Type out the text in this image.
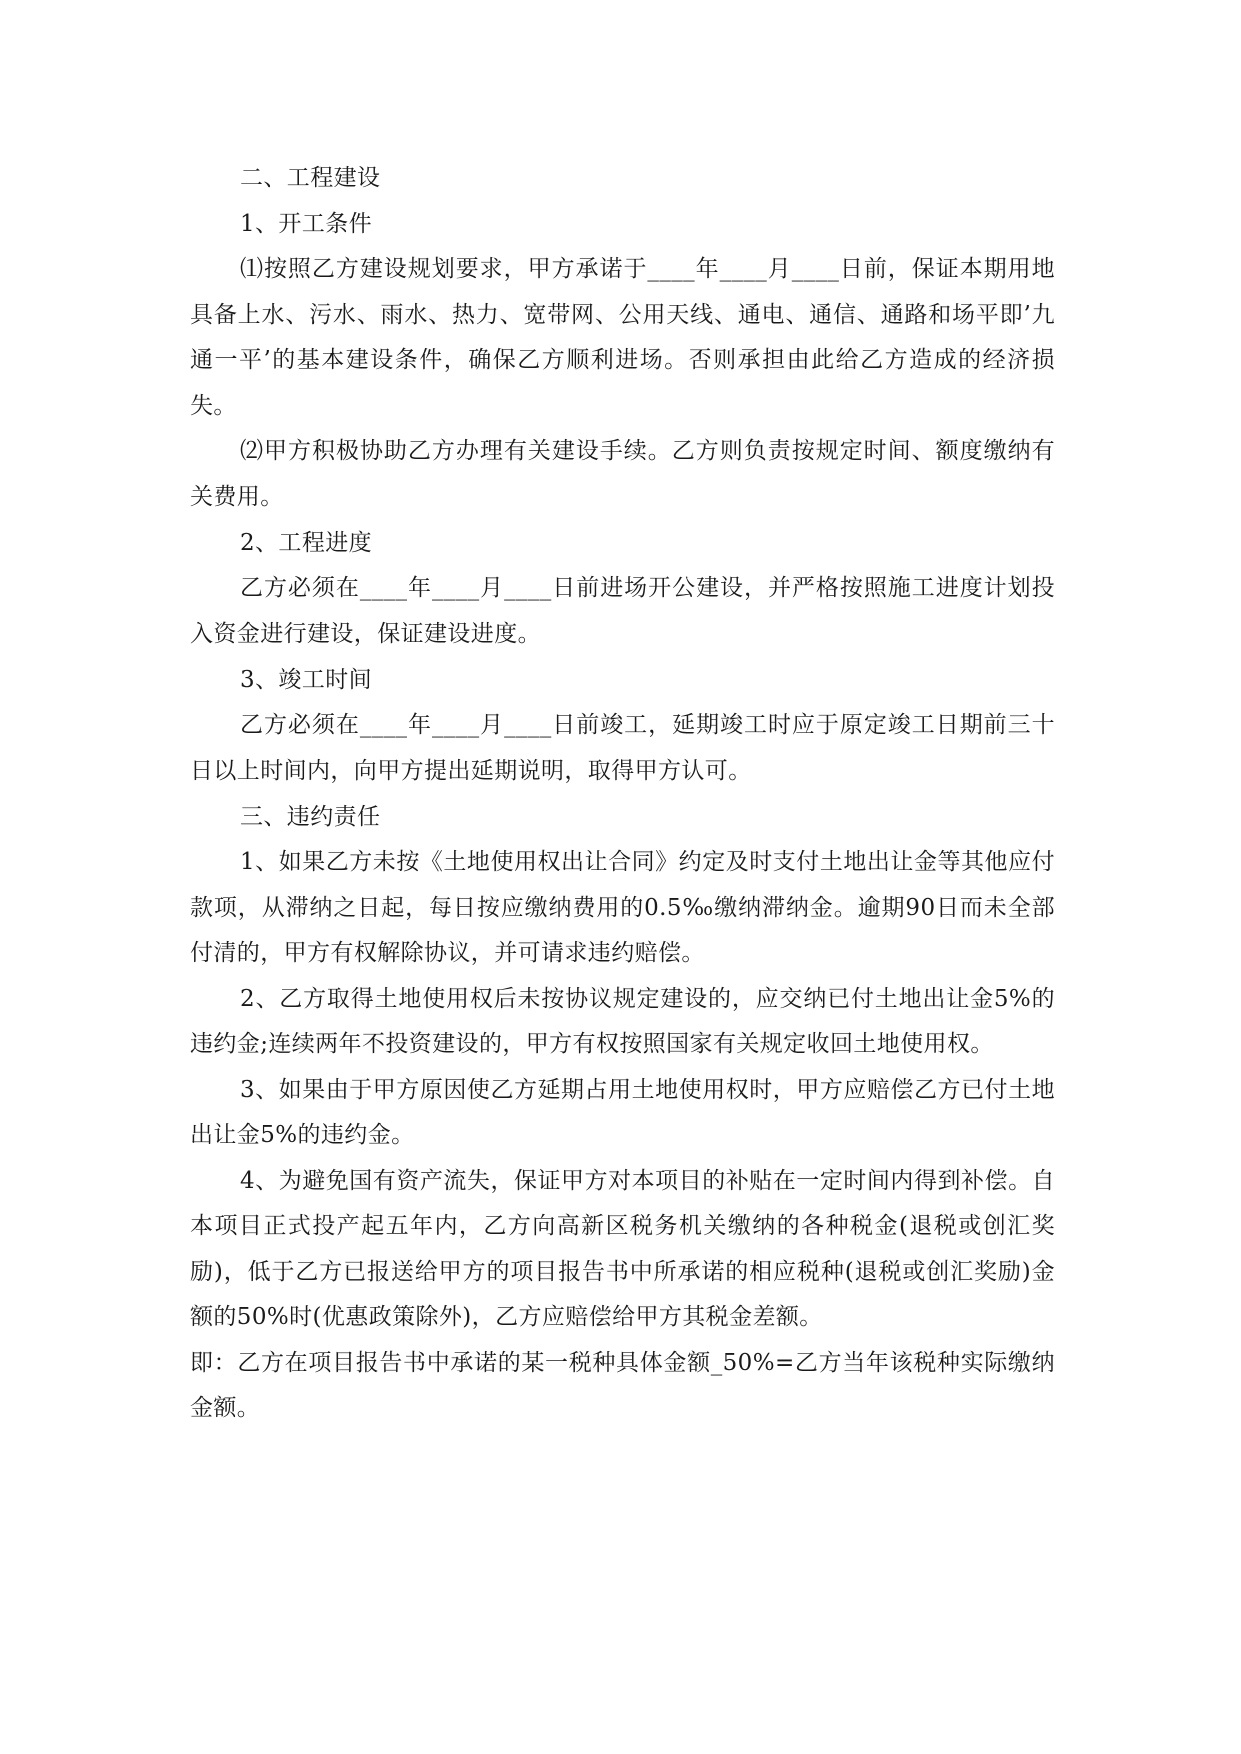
二、工程建设
1、开工条件

⑴按照乙方建设规划要求，甲方承诺于____年____月____日前，保证本期用地具备上水、污水、雨水、热力、宽带网、公用天线、通电、通信、通路和场平即’九通一平’的基本建设条件，确保乙方顺利进场。否则承担由此给乙方造成的经济损失。

⑵甲方积极协助乙方办理有关建设手续。乙方则负责按规定时间、额度缴纳有关费用。

2、工程进度

乙方必须在____年____月____日前进场开公建设，并严格按照施工进度计划投入资金进行建设，保证建设进度。

3、竣工时间

乙方必须在____年____月____日前竣工，延期竣工时应于原定竣工日期前三十日以上时间内，向甲方提出延期说明，取得甲方认可。

三、违约责任

1、如果乙方未按《土地使用权出让合同》约定及时支付土地出让金等其他应付款项，从滞纳之日起，每日按应缴纳费用的0.5‰缴纳滞纳金。逾期90日而未全部付清的，甲方有权解除协议，并可请求违约赔偿。

2、乙方取得土地使用权后未按协议规定建设的，应交纳已付土地出让金5%的违约金;连续两年不投资建设的，甲方有权按照国家有关规定收回土地使用权。

3、如果由于甲方原因使乙方延期占用土地使用权时，甲方应赔偿乙方已付土地出让金5%的违约金。

4、为避免国有资产流失，保证甲方对本项目的补贴在一定时间内得到补偿。自本项目正式投产起五年内，乙方向高新区税务机关缴纳的各种税金(退税或创汇奖励)，低于乙方已报送给甲方的项目报告书中所承诺的相应税种(退税或创汇奖励)金额的50%时(优惠政策除外)，乙方应赔偿给甲方其税金差额。

即：乙方在项目报告书中承诺的某一税种具体金额_50%=乙方当年该税种实际缴纳金额。
